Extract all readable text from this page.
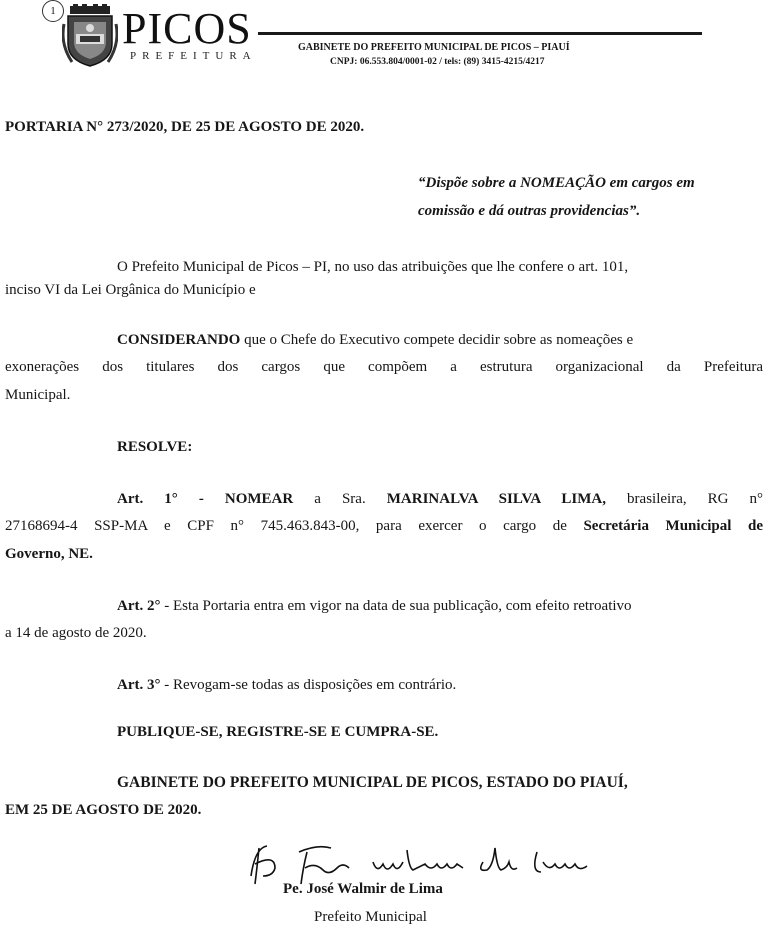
1 PICOS
PREFEITURA
GABINETE DO PREFEITO MUNICIPAL DE PICOS – PIAUÍ
CNPJ: 06.553.804/0001-02 / tels: (89) 3415-4215/4217
PORTARIA N° 273/2020, DE 25 DE AGOSTO DE 2020.
“Dispõe sobre a NOMEAÇÃO em cargos em
comissão e dá outras providencias”.
O Prefeito Municipal de Picos – PI, no uso das atribuições que lhe confere o art. 101,
inciso VI da Lei Orgânica do Município e
CONSIDERANDO que o Chefe do Executivo compete decidir sobre as nomeações e
exonerações dos titulares dos cargos que compõem a estrutura organizacional da Prefeitura
Municipal.
RESOLVE:
Art. 1° - NOMEAR a Sra. MARINALVA SILVA LIMA, brasileira, RG n°
27168694-4 SSP-MA e CPF n° 745.463.843-00, para exercer o cargo de Secretária Municipal de
Governo, NE.
Art. 2° - Esta Portaria entra em vigor na data de sua publicação, com efeito retroativo
a 14 de agosto de 2020.
Art. 3° - Revogam-se todas as disposições em contrário.
PUBLIQUE-SE, REGISTRE-SE E CUMPRA-SE.
GABINETE DO PREFEITO MUNICIPAL DE PICOS, ESTADO DO PIAUÍ,
EM 25 DE AGOSTO DE 2020.
Pe. José Walmir de Lima
Prefeito Municipal
